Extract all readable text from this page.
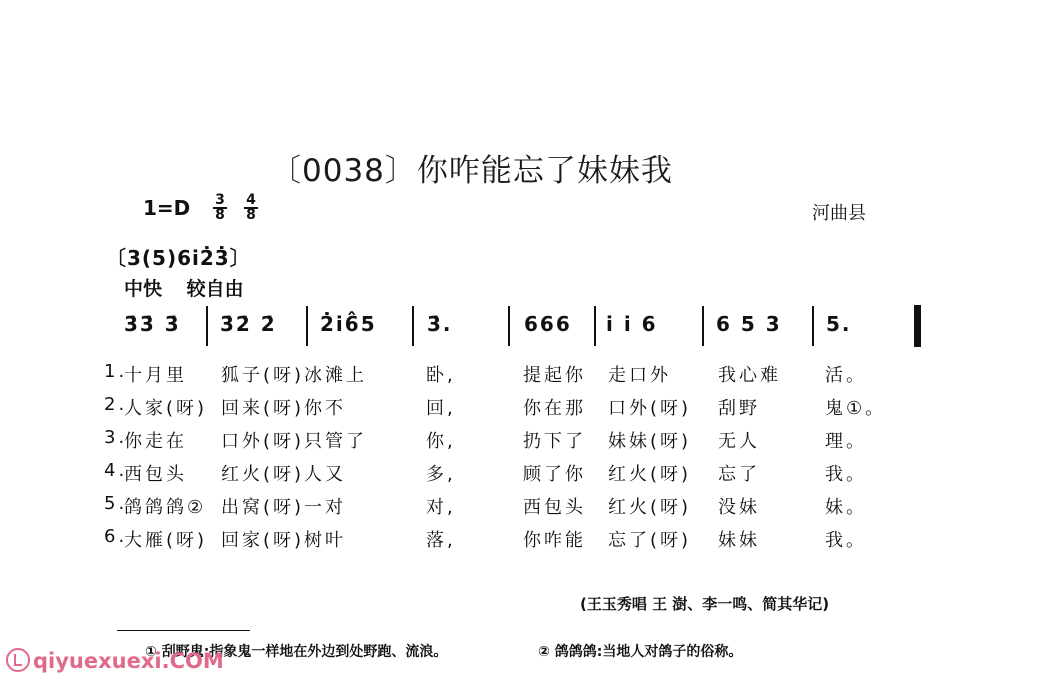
〔0038〕你咋能忘了妹妹我
1=D 3
8
4
8	河曲县
〔3(5)6i2̇3̇〕
中快 较自由
3̇3̇ 3̇ 3̇2̇ 2̇ 2̇i6̂5	3̇.	666 i i 6	6 5 3 5.
1.
十月里 狐子(呀)冰滩上	卧,	提起你 走口外	我心难 活。
2.
人家(呀) 回来(呀)你不	回,	你在那 口外(呀) 刮野	鬼①。
3.
你走在 口外(呀)只管了	你,	扔下了 妹妹(呀) 无人	理。
4.
西包头 红火(呀)人又	多,	顾了你 红火(呀) 忘了	我。
5.
鸽鸽鸽② 出窝(呀)一对	对,	西包头 红火(呀) 没妹	妹。
6.
大雁(呀) 回家(呀)树叶	落,	你咋能 忘了(呀) 妹妹	我。
(王玉秀唱 王 澍、李一鸣、简其华记)
① 刮野鬼:指象鬼一样地在外边到处野跑、流浪。	② 鸽鸽鸽:当地人对鸽子的俗称。
qiyuexuexi.COM
